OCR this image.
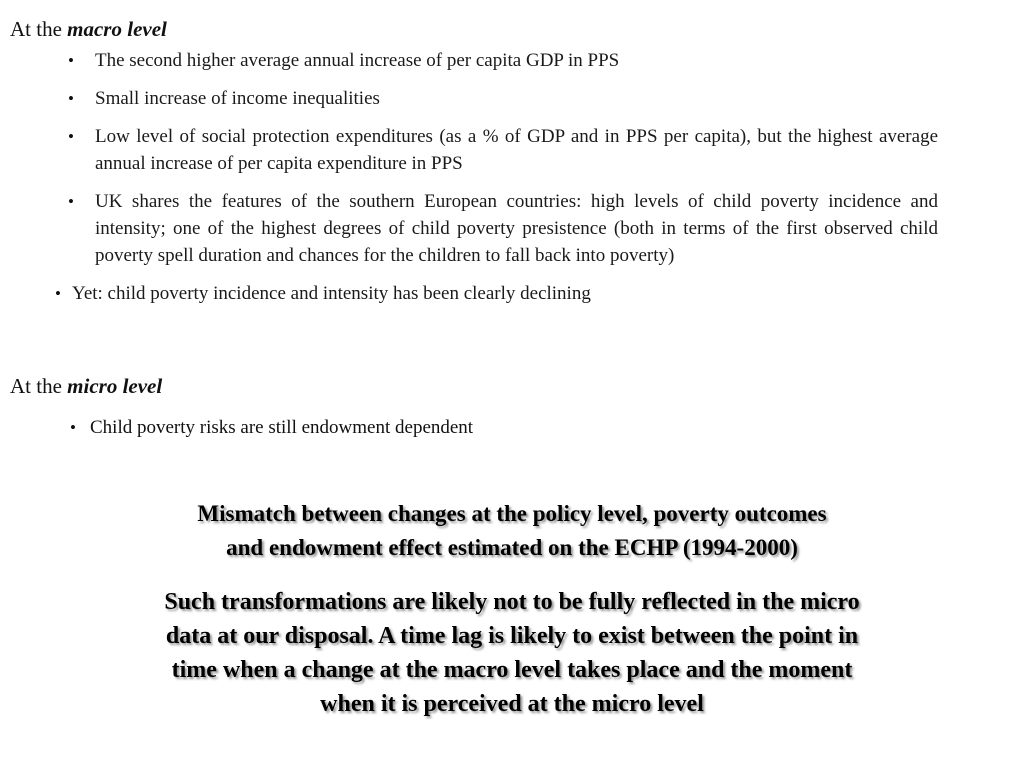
At the macro level
•	The second higher average annual increase of per capita GDP in PPS
•	Small increase of income inequalities
•	Low level of social protection expenditures (as a % of GDP and in PPS per capita), but the highest average annual increase of per capita expenditure in PPS
•	UK shares the features of the southern European countries: high levels of child poverty incidence and intensity; one of the highest degrees of child poverty presistence (both in terms of the first observed child poverty spell duration and chances for the children to fall back into poverty)
• Yet: child poverty incidence and intensity has been clearly declining
At the micro level
• Child poverty risks are still endowment dependent
Mismatch between changes at the policy level, poverty outcomes
and endowment effect estimated on the ECHP (1994-2000)
Such transformations are likely not to be fully reflected in the micro
data at our disposal. A time lag is likely to exist between the point in
time when a change at the macro level takes place and the moment
when it is perceived at the micro level
